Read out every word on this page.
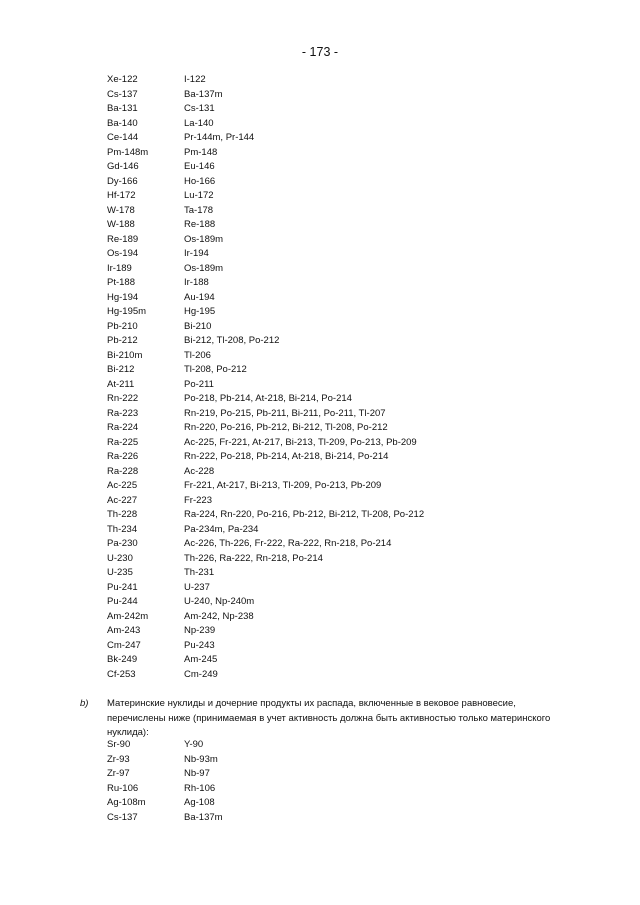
- 173 -
Xe-122	I-122
Cs-137	Ba-137m
Ba-131	Cs-131
Ba-140	La-140
Ce-144	Pr-144m, Pr-144
Pm-148m	Pm-148
Gd-146	Eu-146
Dy-166	Ho-166
Hf-172	Lu-172
W-178	Ta-178
W-188	Re-188
Re-189	Os-189m
Os-194	Ir-194
Ir-189	Os-189m
Pt-188	Ir-188
Hg-194	Au-194
Hg-195m	Hg-195
Pb-210	Bi-210
Pb-212	Bi-212, Tl-208, Po-212
Bi-210m	Tl-206
Bi-212	Tl-208, Po-212
At-211	Po-211
Rn-222	Po-218, Pb-214, At-218, Bi-214, Po-214
Ra-223	Rn-219, Po-215, Pb-211, Bi-211, Po-211, Tl-207
Ra-224	Rn-220, Po-216, Pb-212, Bi-212, Tl-208, Po-212
Ra-225	Ac-225, Fr-221, At-217, Bi-213, Tl-209, Po-213, Pb-209
Ra-226	Rn-222, Po-218, Pb-214, At-218, Bi-214, Po-214
Ra-228	Ac-228
Ac-225	Fr-221, At-217, Bi-213, Tl-209, Po-213, Pb-209
Ac-227	Fr-223
Th-228	Ra-224, Rn-220, Po-216, Pb-212, Bi-212, Tl-208, Po-212
Th-234	Pa-234m, Pa-234
Pa-230	Ac-226, Th-226, Fr-222, Ra-222, Rn-218, Po-214
U-230	Th-226, Ra-222, Rn-218, Po-214
U-235	Th-231
Pu-241	U-237
Pu-244	U-240, Np-240m
Am-242m	Am-242, Np-238
Am-243	Np-239
Cm-247	Pu-243
Bk-249	Am-245
Cf-253	Cm-249
b) Материнские нуклиды и дочерние продукты их распада, включенные в вековое равновесие, перечислены ниже (принимаемая в учет активность должна быть активностью только материнского нуклида):
Sr-90	Y-90
Zr-93	Nb-93m
Zr-97	Nb-97
Ru-106	Rh-106
Ag-108m	Ag-108
Cs-137	Ba-137m
